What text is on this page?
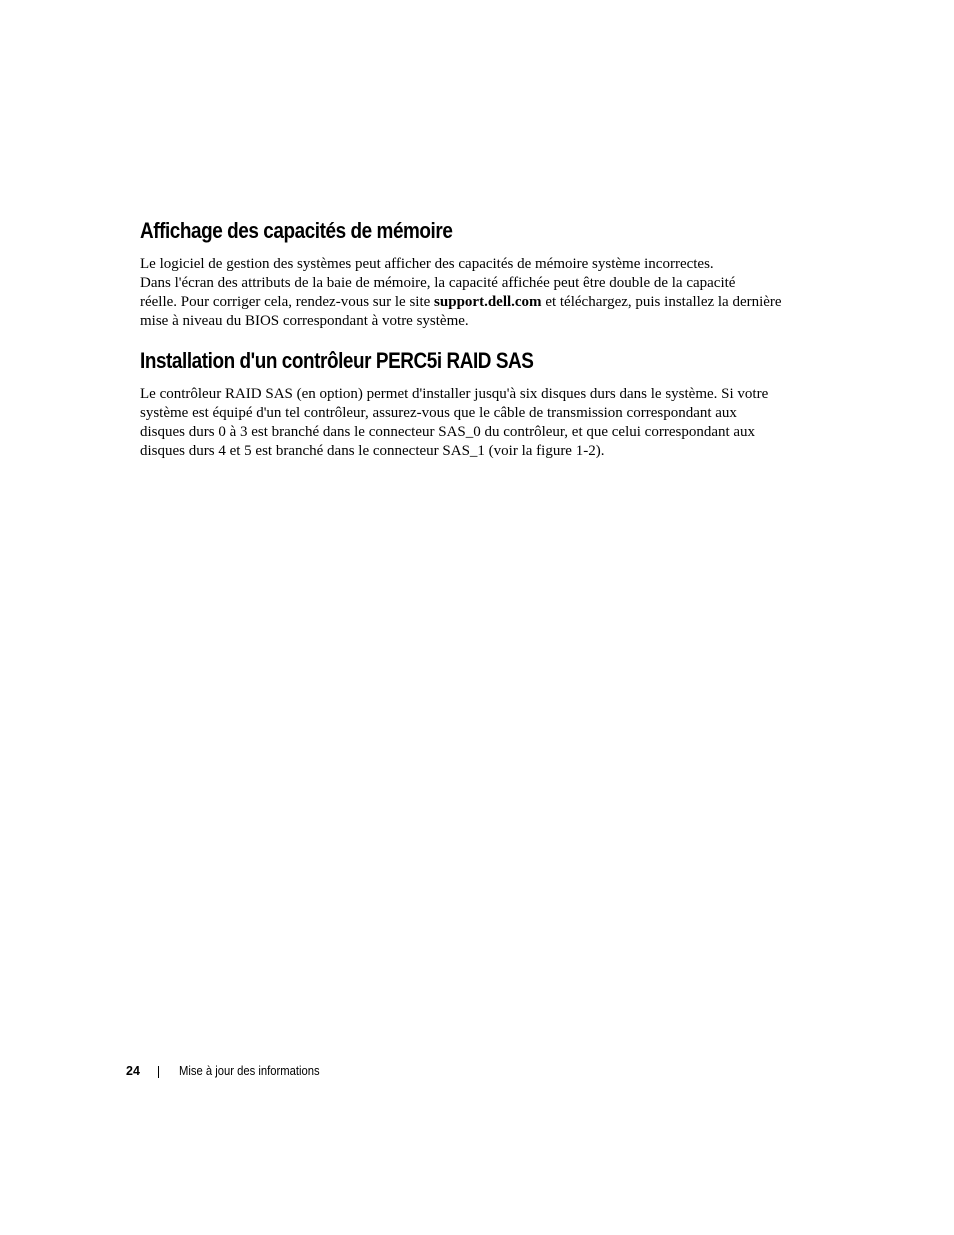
Affichage des capacités de mémoire

Le logiciel de gestion des systèmes peut afficher des capacités de mémoire système incorrectes.
Dans l'écran des attributs de la baie de mémoire, la capacité affichée peut être double de la capacité
réelle. Pour corriger cela, rendez-vous sur le site support.dell.com et téléchargez, puis installez la dernière
mise à niveau du BIOS correspondant à votre système.

Installation d'un contrôleur PERC5i RAID SAS

Le contrôleur RAID SAS (en option) permet d'installer jusqu'à six disques durs dans le système. Si votre
système est équipé d'un tel contrôleur, assurez-vous que le câble de transmission correspondant aux
disques durs 0 à 3 est branché dans le connecteur SAS_0 du contrôleur, et que celui correspondant aux
disques durs 4 et 5 est branché dans le connecteur SAS_1 (voir la figure 1-2).

24	Mise à jour des informations
